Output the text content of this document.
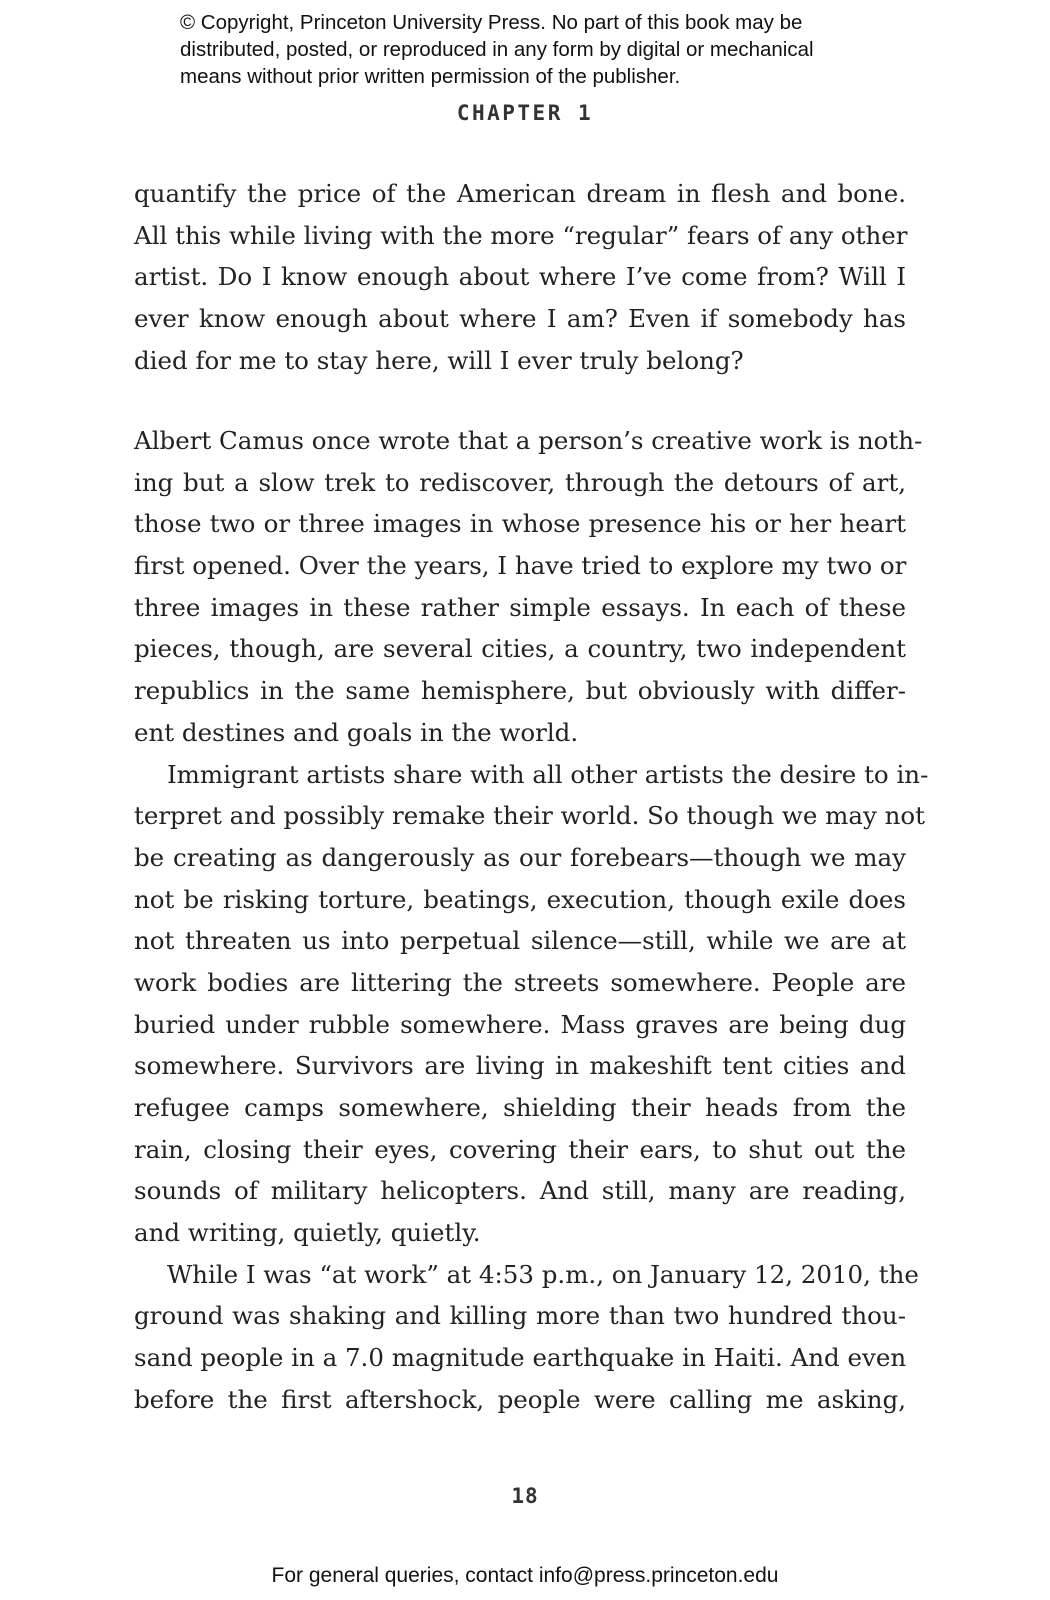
© Copyright, Princeton University Press. No part of this book may be
distributed, posted, or reproduced in any form by digital or mechanical
means without prior written permission of the publisher.
CHAPTER 1
quantify the price of the American dream in flesh and bone.
All this while living with the more “regular” fears of any other
artist. Do I know enough about where I’ve come from? Will I
ever know enough about where I am? Even if somebody has
died for me to stay here, will I ever truly belong?
Albert Camus once wrote that a person’s creative work is noth-
ing but a slow trek to rediscover, through the detours of art,
those two or three images in whose presence his or her heart
first opened. Over the years, I have tried to explore my two or
three images in these rather simple essays. In each of these
pieces, though, are several cities, a country, two independent
republics in the same hemisphere, but obviously with differ-
ent destines and goals in the world.
Immigrant artists share with all other artists the desire to in-
terpret and possibly remake their world. So though we may not
be creating as dangerously as our forebears—though we may
not be risking torture, beatings, execution, though exile does
not threaten us into perpetual silence—still, while we are at
work bodies are littering the streets somewhere. People are
buried under rubble somewhere. Mass graves are being dug
somewhere. Survivors are living in makeshift tent cities and
refugee camps somewhere, shielding their heads from the
rain, closing their eyes, covering their ears, to shut out the
sounds of military helicopters. And still, many are reading,
and writing, quietly, quietly.
While I was “at work” at 4:53 p.m., on January 12, 2010, the
ground was shaking and killing more than two hundred thou-
sand people in a 7.0 magnitude earthquake in Haiti. And even
before the first aftershock, people were calling me asking,
18
For general queries, contact info@press.princeton.edu
